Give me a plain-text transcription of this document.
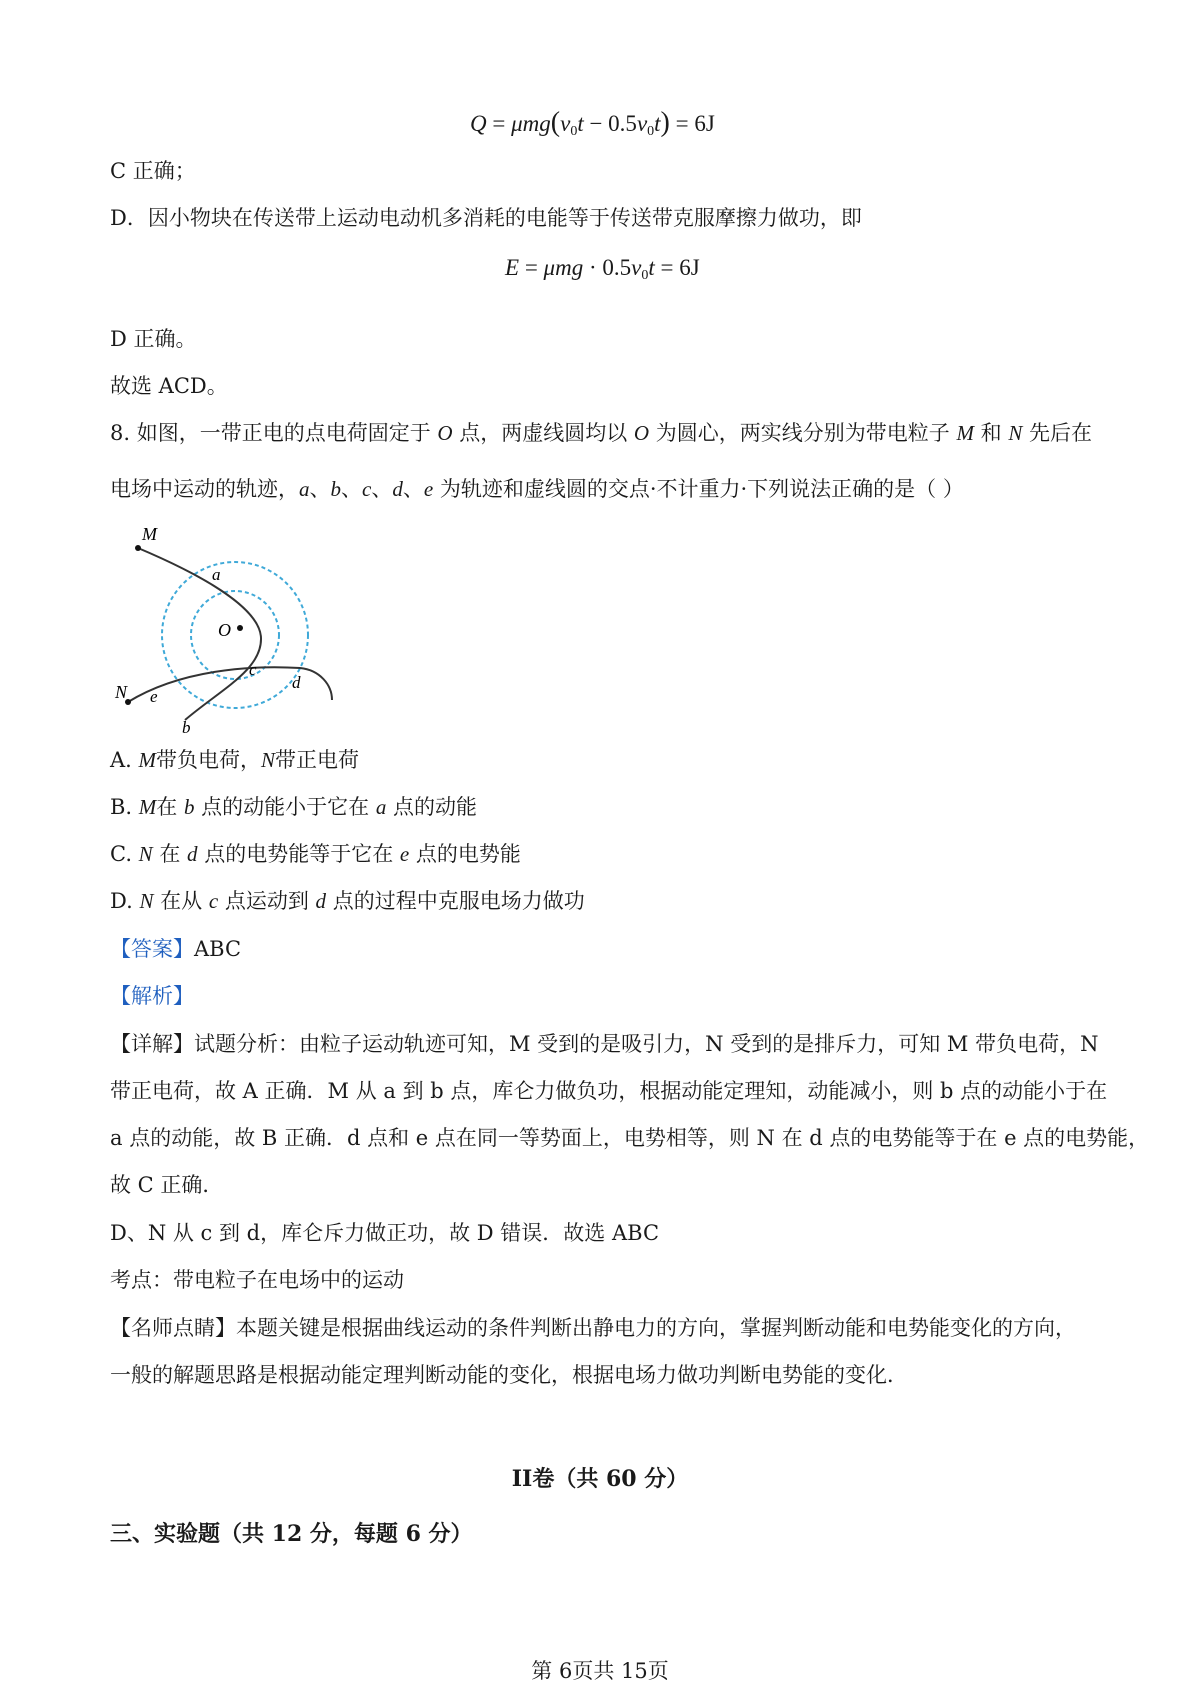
$Q = \mu mg(v_0t - 0.5v_0t) = 6J$
C 正确；
D．因小物块在传送带上运动电动机多消耗的电能等于传送带克服摩擦力做功，即
$E = \mu mg \cdot 0.5v_0t = 6J$
D 正确。
故选 ACD。
8. 如图，一带正电的点电荷固定于 O 点，两虚线圆均以 O 为圆心，两实线分别为带电粒子 M 和 N 先后在
电场中运动的轨迹，a、b、c、d、e 为轨迹和虚线圆的交点·不计重力·下列说法正确的是（ ）
M
N
a
b
c
d
e
O
A. M带负电荷，N带正电荷
B. M在 b 点的动能小于它在 a 点的动能
C. N 在 d 点的电势能等于它在 e 点的电势能
D. N 在从 c 点运动到 d 点的过程中克服电场力做功
【答案】ABC
【解析】
【详解】试题分析：由粒子运动轨迹可知，M 受到的是吸引力，N 受到的是排斥力，可知 M 带负电荷，N
带正电荷，故 A 正确．M 从 a 到 b 点，库仑力做负功，根据动能定理知，动能减小，则 b 点的动能小于在
a 点的动能，故 B 正确．d 点和 e 点在同一等势面上，电势相等，则 N 在 d 点的电势能等于在 e 点的电势能，
故 C 正确．
D、N 从 c 到 d，库仑斥力做正功，故 D 错误．故选 ABC
考点：带电粒子在电场中的运动
【名师点睛】本题关键是根据曲线运动的条件判断出静电力的方向，掌握判断动能和电势能变化的方向，
一般的解题思路是根据动能定理判断动能的变化，根据电场力做功判断电势能的变化．
II卷（共 60 分）
三、实验题（共 12 分，每题 6 分）
第 6页共 15页
